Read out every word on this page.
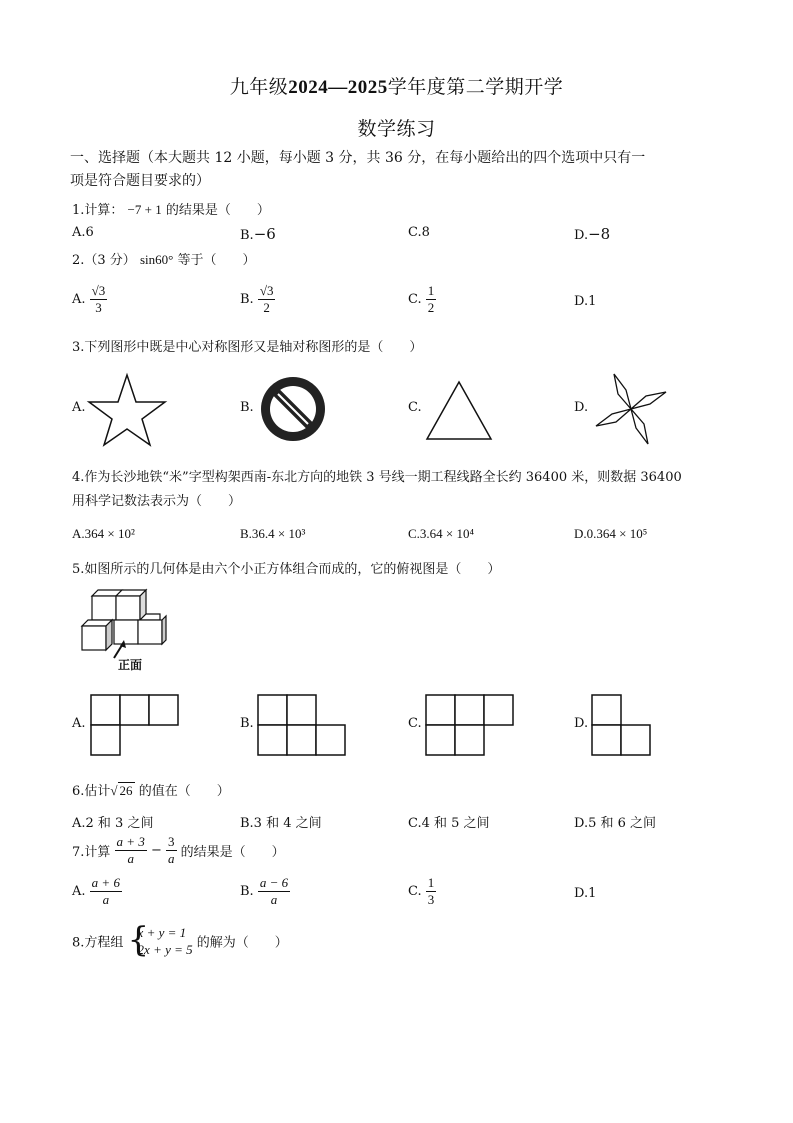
九年级2024—2025学年度第二学期开学
数学练习
一、选择题（本大题共 12 小题，每小题 3 分，共 36 分，在每小题给出的四个选项中只有一
项是符合题目要求的）
1.计算： −7 + 1 的结果是（　　）
A.6	B.−6	C.8	D.−8
2.（3 分） sin60° 等于（　　）
A. $\frac{√3}{3}$	B. $\frac{√3}{2}$	C. $\frac{1}{2}$	D.1
3.下列图形中既是中心对称图形又是轴对称图形的是（　　）
A.	B.	C.	D.
4.作为长沙地铁“米”字型构架西南-东北方向的地铁 3 号线一期工程线路全长约 36400 米，则数据 36400
用科学记数法表示为（　　）
A.364 × 10²	B.36.4 × 10³	C.3.64 × 10⁴	D.0.364 × 10⁵
5.如图所示的几何体是由六个小正方体组合而成的，它的俯视图是（　　）
正面
A.	B.	C.	D.
6.估计√ 26 的值在（　　）
A.2 和 3 之间	B.3 和 4 之间	C.4 和 5 之间	D.5 和 6 之间
7.计算 $\frac{a + 3}{a} - \frac{3}{a}$ 的结果是（　　）
A. $\frac{a + 6}{a}$	B. $\frac{a - 6}{a}$	C. $\frac{1}{3}$	D.1
8.方程组 {
x + y = 1
2x + y = 5 的解为（　　）
